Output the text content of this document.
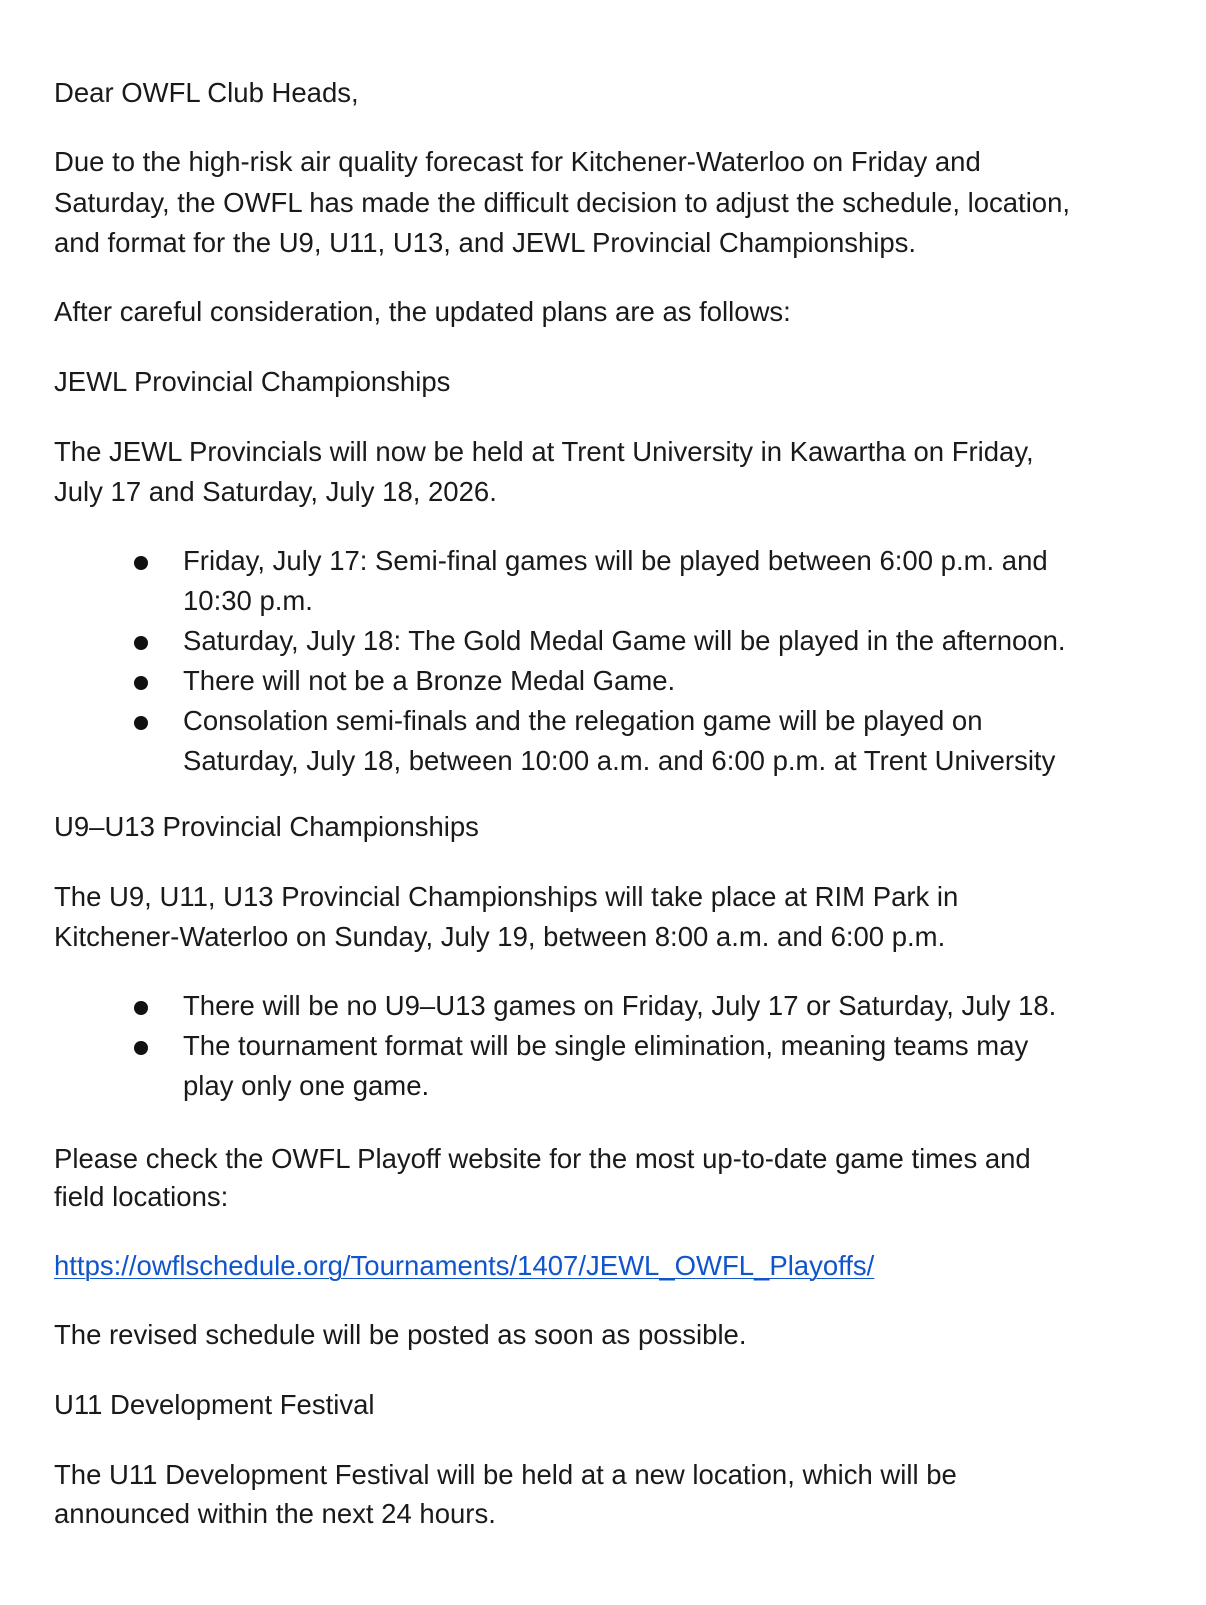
Dear OWFL Club Heads,

Due to the high-risk air quality forecast for Kitchener-Waterloo on Friday and

Saturday, the OWFL has made the difficult decision to adjust the schedule, location,

and format for the U9, U11, U13, and JEWL Provincial Championships.

After careful consideration, the updated plans are as follows:

JEWL Provincial Championships

The JEWL Provincials will now be held at Trent University in Kawartha on Friday,

July 17 and Saturday, July 18, 2026.

Friday, July 17: Semi-final games will be played between 6:00 p.m. and

10:30 p.m.

Saturday, July 18: The Gold Medal Game will be played in the afternoon.

There will not be a Bronze Medal Game.

Consolation semi-finals and the relegation game will be played on

Saturday, July 18, between 10:00 a.m. and 6:00 p.m. at Trent University

U9–U13 Provincial Championships

The U9, U11, U13 Provincial Championships will take place at RIM Park in

Kitchener-Waterloo on Sunday, July 19, between 8:00 a.m. and 6:00 p.m.

There will be no U9–U13 games on Friday, July 17 or Saturday, July 18.

The tournament format will be single elimination, meaning teams may

play only one game.

Please check the OWFL Playoff website for the most up-to-date game times and

field locations:

https://owflschedule.org/Tournaments/1407/JEWL_OWFL_Playoffs/

The revised schedule will be posted as soon as possible.

U11 Development Festival

The U11 Development Festival will be held at a new location, which will be

announced within the next 24 hours.
